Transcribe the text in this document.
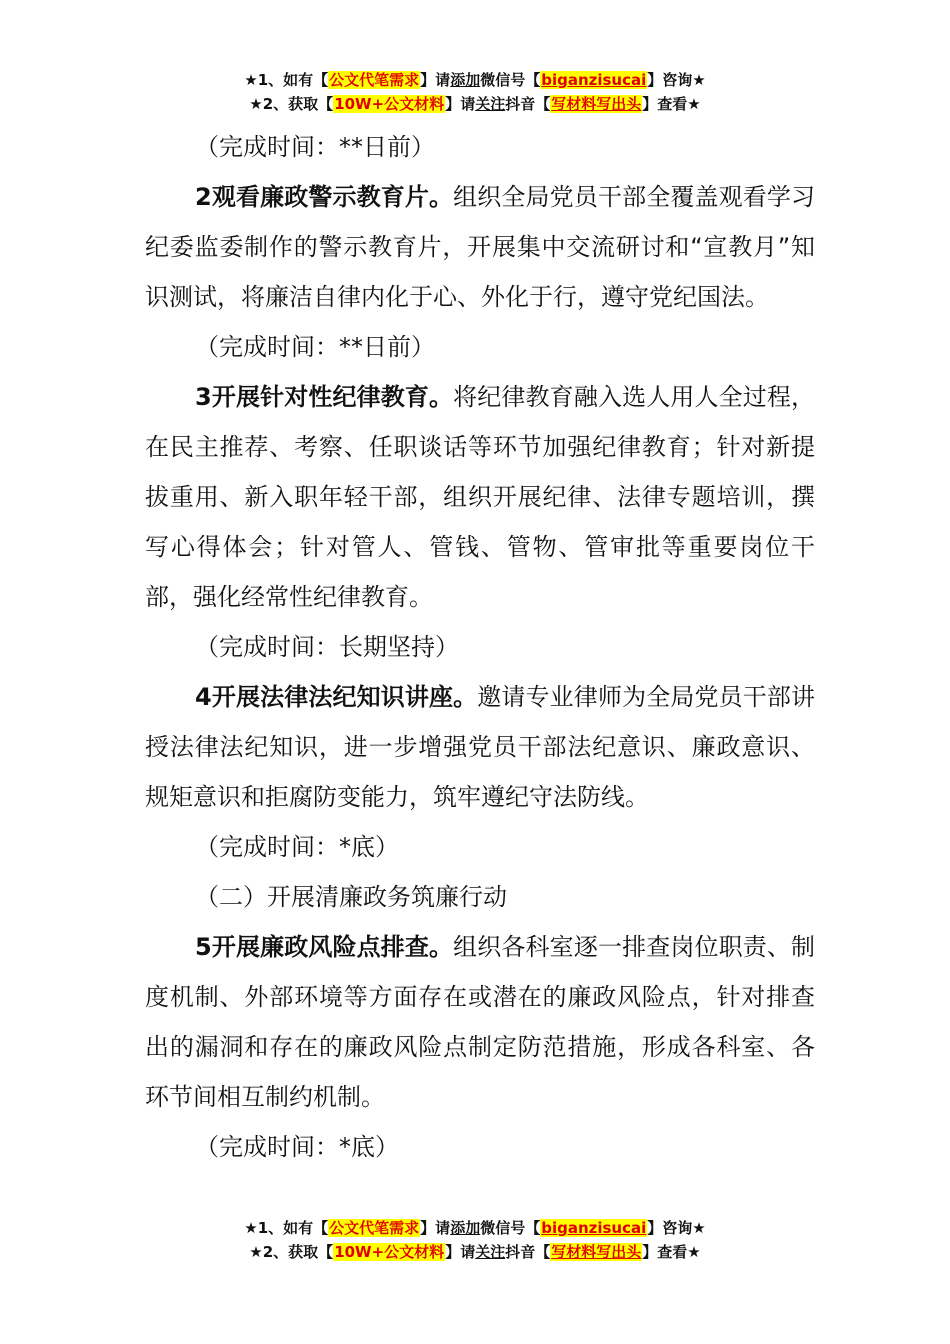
★1、如有【公文代笔需求】请添加微信号【biganzisucai】咨询★
★2、获取【10W+公文材料】请关注抖音【写材料写出头】查看★

（完成时间：**日前）

2观看廉政警示教育片。组织全局党员干部全覆盖观看学习纪委监委制作的警示教育片，开展集中交流研讨和“宣教月”知识测试，将廉洁自律内化于心、外化于行，遵守党纪国法。

（完成时间：**日前）

3开展针对性纪律教育。将纪律教育融入选人用人全过程，在民主推荐、考察、任职谈话等环节加强纪律教育；针对新提拔重用、新入职年轻干部，组织开展纪律、法律专题培训，撰写心得体会；针对管人、管钱、管物、管审批等重要岗位干部，强化经常性纪律教育。

（完成时间：长期坚持）

4开展法律法纪知识讲座。邀请专业律师为全局党员干部讲授法律法纪知识，进一步增强党员干部法纪意识、廉政意识、规矩意识和拒腐防变能力，筑牢遵纪守法防线。

（完成时间：*底）

（二）开展清廉政务筑廉行动

5开展廉政风险点排查。组织各科室逐一排查岗位职责、制度机制、外部环境等方面存在或潜在的廉政风险点，针对排查出的漏洞和存在的廉政风险点制定防范措施，形成各科室、各环节间相互制约机制。

（完成时间：*底）

★1、如有【公文代笔需求】请添加微信号【biganzisucai】咨询★
★2、获取【10W+公文材料】请关注抖音【写材料写出头】查看★
